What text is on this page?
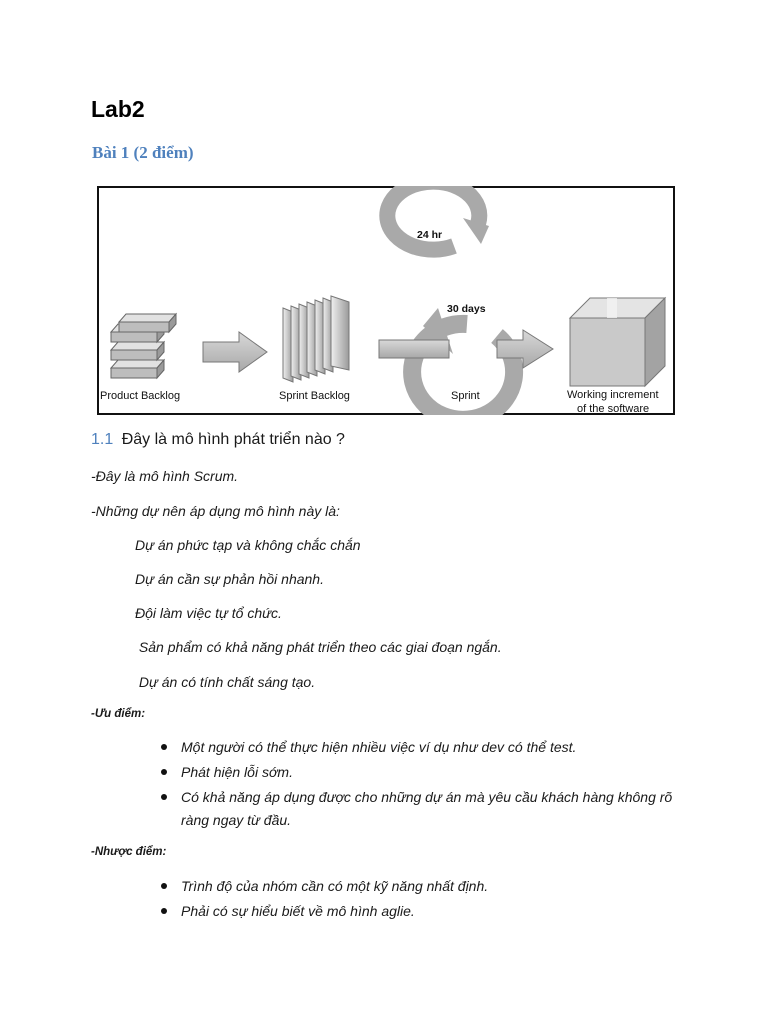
Lab2
Bài 1 (2 điểm)
Product Backlog	Sprint Backlog
24 hr
30 days
Sprint	Working increment
of the software
1.1 Đây là mô hình phát triển nào ?
-Đây là mô hình Scrum.
-Những dự nên áp dụng mô hình này là:
Dự án phức tạp và không chắc chắn
Dự án cần sự phản hồi nhanh.
Đội làm việc tự tổ chức.
Sản phẩm có khả năng phát triển theo các giai đoạn ngắn.
Dự án có tính chất sáng tạo.
-Ưu điểm:
Một người có thể thực hiện nhiều việc ví dụ như dev có thể test.
Phát hiện lỗi sớm.
Có khả năng áp dụng được cho những dự án mà yêu cầu khách hàng không rõ ràng ngay từ đầu.
-Nhược điểm:
Trình độ của nhóm cần có một kỹ năng nhất định.
Phải có sự hiểu biết về mô hình aglie.
